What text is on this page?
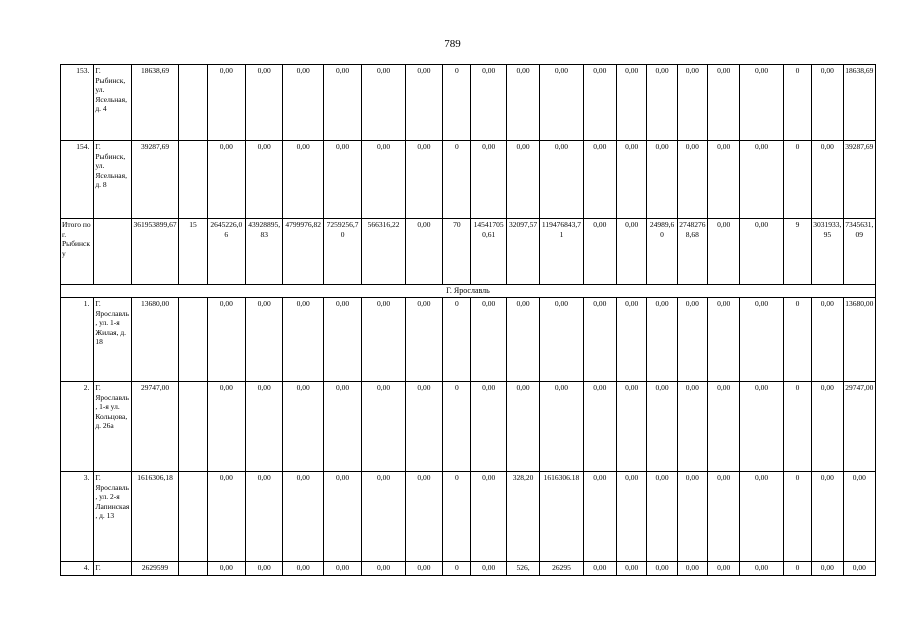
789
153.	Г. Рыбинск, ул. Ясельная, д. 4	18638,69		0,00	0,00	0,00	0,00	0,00	0,00	0	0,00	0,00	0,00	0,00	0,00	0,00	0,00	0,00	0,00	0	0,00	18638,69
154.	Г. Рыбинск, ул. Ясельная, д. 8	39287,69		0,00	0,00	0,00	0,00	0,00	0,00	0	0,00	0,00	0,00	0,00	0,00	0,00	0,00	0,00	0,00	0	0,00	39287,69
Итого по г. Рыбинску		361953899,67	15	2645226,06	43928895,83	4799976,82	7259256,70	566316,22	0,00	70	14541705 0,61	32097,57	119476843,71	0,00	0,00	24989,60	27482768,68	0,00	0,00	9	3031933,95	7345631,09
Г. Ярославль																						
1.	Г. Ярославль, ул. 1-я Жилая, д. 18	13680,00		0,00	0,00	0,00	0,00	0,00	0,00	0	0,00	0,00	0,00	0,00	0,00	0,00	0,00	0,00	0,00	0	0,00	13680,00
2.	Г. Ярославль, 1-я ул. Кольцова, д. 26а	29747,00		0,00	0,00	0,00	0,00	0,00	0,00	0	0,00	0,00	0,00	0,00	0,00	0,00	0,00	0,00	0,00	0	0,00	29747,00
3.	Г. Ярославль, ул. 2-я Лапинская, д. 13	1616306,18		0,00	0,00	0,00	0,00	0,00	0,00	0	0,00	328,20	1616306.18	0,00	0,00	0,00	0,00	0,00	0,00	0	0,00	0,00
4.	Г.	2629599		0,00	0,00	0,00	0,00	0,00	0,00	0	0,00	526,	26295	0,00	0,00	0,00	0,00	0,00	0,00	0	0,00	0,00
